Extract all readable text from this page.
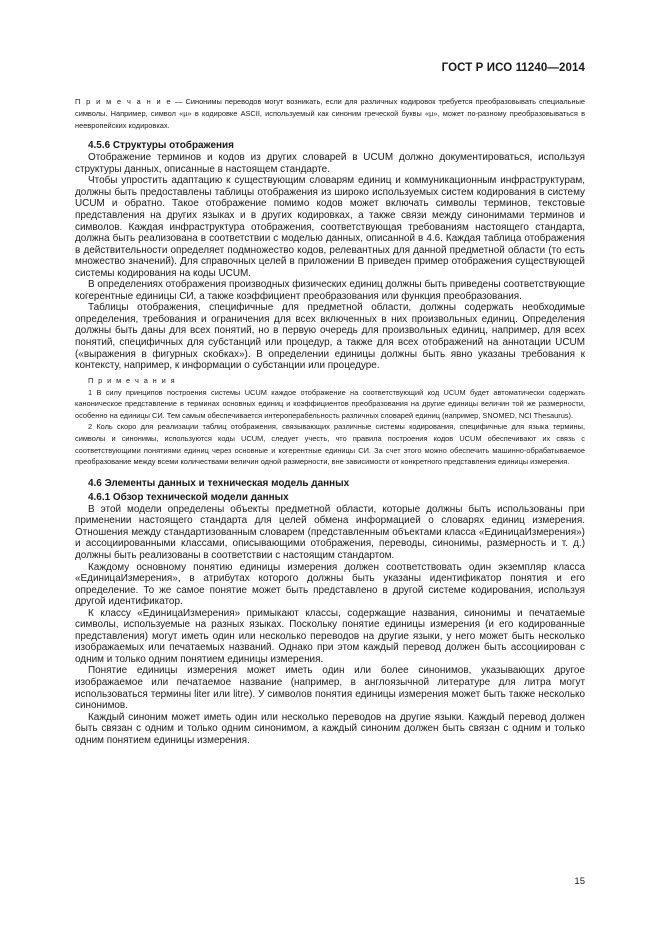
ГОСТ Р ИСО 11240—2014

П р и м е ч а н и е — Синонимы переводов могут возникать, если для различных кодировок требуется преобразовывать специальные символы. Например, символ «µ» в кодировке ASCII, используемый как синоним греческой буквы «µ», может по-разному преобразовываться в неевропейских кодировках.

4.5.6 Структуры отображения

Отображение терминов и кодов из других словарей в UCUM должно документироваться, используя структуры данных, описанные в настоящем стандарте.

Чтобы упростить адаптацию к существующим словарям единиц и коммуникационным инфраструктурам, должны быть предоставлены таблицы отображения из широко используемых систем кодирования в систему UCUM и обратно. Такое отображение помимо кодов может включать символы терминов, текстовые представления на других языках и в других кодировках, а также связи между синонимами терминов и символов. Каждая инфраструктура отображения, соответствующая требованиям настоящего стандарта, должна быть реализована в соответствии с моделью данных, описанной в 4.6. Каждая таблица отображения в действительности определяет подмножество кодов, релевантных для данной предметной области (то есть множество значений). Для справочных целей в приложении В приведен пример отображения существующей системы кодирования на коды UCUM.

В определениях отображения производных физических единиц должны быть приведены соответствующие когерентные единицы СИ, а также коэффициент преобразования или функция преобразования.

Таблицы отображения, специфичные для предметной области, должны содержать необходимые определения, требования и ограничения для всех включенных в них произвольных единиц. Определения должны быть даны для всех понятий, но в первую очередь для произвольных единиц, например, для всех понятий, специфичных для субстанций или процедур, а также для всех отображений на аннотации UCUM («выражения в фигурных скобках»). В определении единицы должны быть явно указаны требования к контексту, например, к информации о субстанции или процедуре.

П р и м е ч а н и я

1 В силу принципов построения системы UCUM каждое отображение на соответствующий код UCUM будет автоматически содержать каноническое представление в терминах основных единиц и коэффициентов преобразования на другие единицы величин той же размерности, особенно на единицы СИ. Тем самым обеспечивается интероперабельность различных словарей единиц (например, SNOMED, NCI Thesaurus).

2 Коль скоро для реализации таблиц отображения, связывающих различные системы кодирования, специфичные для языка термины, символы и синонимы, используются коды UCUM, следует учесть, что правила построения кодов UCUM обеспечивают их связь с соответствующими понятиями единиц через основные и когерентные единицы СИ. За счет этого можно обеспечить машинно-обрабатываемое преобразование между всеми количествами величин одной размерности, вне зависимости от конкретного представления единицы измерения.

4.6 Элементы данных и техническая модель данных

4.6.1 Обзор технической модели данных

В этой модели определены объекты предметной области, которые должны быть использованы при применении настоящего стандарта для целей обмена информацией о словарях единиц измерения. Отношения между стандартизованным словарем (представленным объектами класса «ЕдиницаИзмерения») и ассоциированными классами, описывающими отображения, переводы, синонимы, размерность и т. д.) должны быть реализованы в соответствии с настоящим стандартом.

Каждому основному понятию единицы измерения должен соответствовать один экземпляр класса «ЕдиницаИзмерения», в атрибутах которого должны быть указаны идентификатор понятия и его определение. То же самое понятие может быть представлено в другой системе кодирования, используя другой идентификатор.

К классу «ЕдиницаИзмерения» примыкают классы, содержащие названия, синонимы и печатаемые символы, используемые на разных языках. Поскольку понятие единицы измерения (и его кодированные представления) могут иметь один или несколько переводов на другие языки, у него может быть несколько изображаемых или печатаемых названий. Однако при этом каждый перевод должен быть ассоциирован с одним и только одним понятием единицы измерения.

Понятие единицы измерения может иметь один или более синонимов, указывающих другое изображаемое или печатаемое название (например, в англоязычной литературе для литра могут использоваться термины liter или litre). У символов понятия единицы измерения может быть также несколько синонимов.

Каждый синоним может иметь один или несколько переводов на другие языки. Каждый перевод должен быть связан с одним и только одним синонимом, а каждый синоним должен быть связан с одним и только одним понятием единицы измерения.

15
